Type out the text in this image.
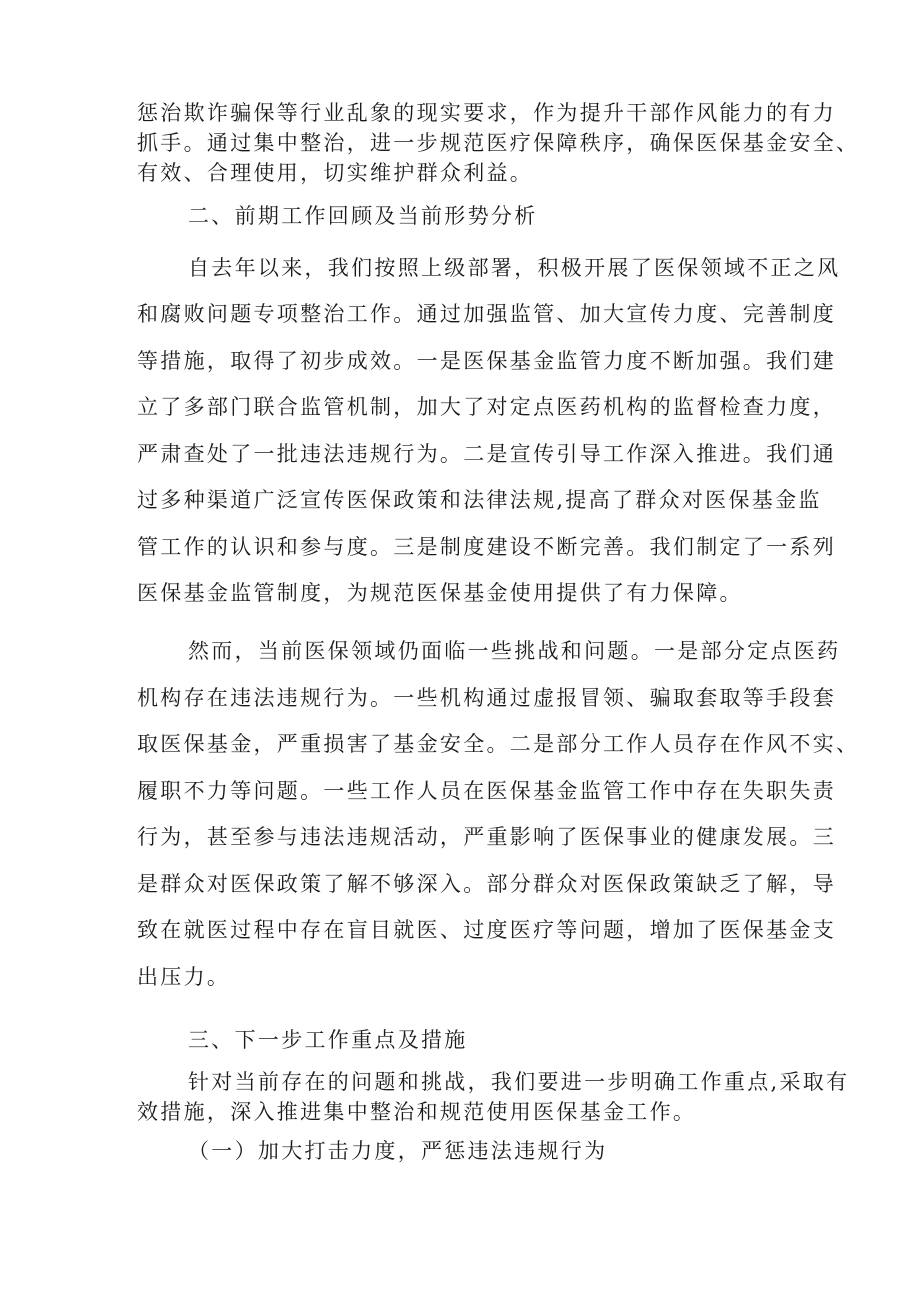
惩治欺诈骗保等行业乱象的现实要求，作为提升干部作风能力的有力
抓手。通过集中整治，进一步规范医疗保障秩序，确保医保基金安全、
有效、合理使用，切实维护群众利益。
二、前期工作回顾及当前形势分析
自去年以来，我们按照上级部署，积极开展了医保领域不正之风
和腐败问题专项整治工作。通过加强监管、加大宣传力度、完善制度
等措施，取得了初步成效。一是医保基金监管力度不断加强。我们建
立了多部门联合监管机制，加大了对定点医药机构的监督检查力度，
严肃查处了一批违法违规行为。二是宣传引导工作深入推进。我们通
过多种渠道广泛宣传医保政策和法律法规,提高了群众对医保基金监
管工作的认识和参与度。三是制度建设不断完善。我们制定了一系列
医保基金监管制度，为规范医保基金使用提供了有力保障。
然而，当前医保领域仍面临一些挑战和问题。一是部分定点医药
机构存在违法违规行为。一些机构通过虚报冒领、骗取套取等手段套
取医保基金，严重损害了基金安全。二是部分工作人员存在作风不实、
履职不力等问题。一些工作人员在医保基金监管工作中存在失职失责
行为，甚至参与违法违规活动，严重影响了医保事业的健康发展。三
是群众对医保政策了解不够深入。部分群众对医保政策缺乏了解，导
致在就医过程中存在盲目就医、过度医疗等问题，增加了医保基金支
出压力。
三、下一步工作重点及措施
针对当前存在的问题和挑战，我们要进一步明确工作重点,采取有
效措施，深入推进集中整治和规范使用医保基金工作。
（一）加大打击力度，严惩违法违规行为
